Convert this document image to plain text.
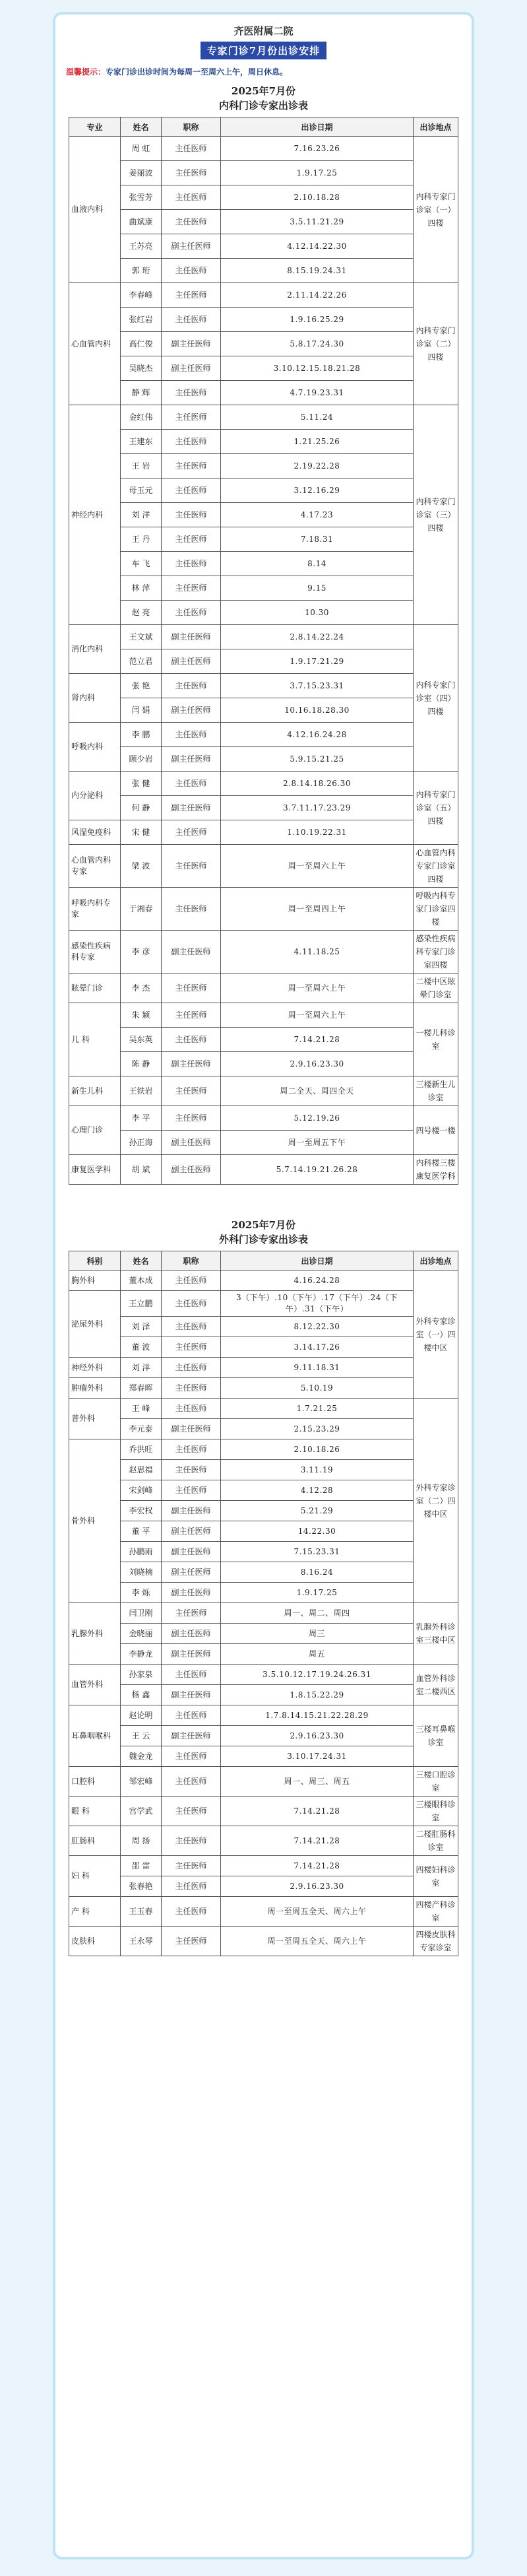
齐医附属二院
专家门诊7月份出诊安排
温馨提示：专家门诊出诊时间为每周一至周六上午，周日休息。
2025年7月份
内科门诊专家出诊表
专业	姓名	职称	出诊日期	出诊地点
血液内科	周 虹	主任医师	7.16.23.26	内科专家门诊室（一）四楼
	姜丽波	主任医师	1.9.17.25	
	张雪芳	主任医师	2.10.18.28	
	曲斌康	主任医师	3.5.11.21.29	
	王苏亮	副主任医师	4.12.14.22.30	
	郭 珩	主任医师	8.15.19.24.31	
心血管内科	李春峰	主任医师	2.11.14.22.26	内科专家门诊室（二）四楼
	张红岩	主任医师	1.9.16.25.29	
	高仁俊	副主任医师	5.8.17.24.30	
	吴晓杰	副主任医师	3.10.12.15.18.21.28	
	静 辉	主任医师	4.7.19.23.31	
神经内科	金红伟	主任医师	5.11.24	内科专家门诊室（三）四楼
	王建东	主任医师	1.21.25.26	
	王 岩	主任医师	2.19.22.28	
	母玉元	主任医师	3.12.16.29	
	刘 洋	主任医师	4.17.23	
	王 丹	主任医师	7.18.31	
	车 飞	主任医师	8.14	
	林 萍	主任医师	9.15	
	赵 亮	主任医师	10.30	
消化内科	王文斌	副主任医师	2.8.14.22.24	内科专家门诊室（四）四楼
	范立君	副主任医师	1.9.17.21.29	
肾内科	张 艳	主任医师	3.7.15.23.31	
	闫 娟	副主任医师	10.16.18.28.30	
呼吸内科	李 鹏	主任医师	4.12.16.24.28	
	顾少岩	副主任医师	5.9.15.21.25	
内分泌科	张 健	主任医师	2.8.14.18.26.30	内科专家门诊室（五）四楼
	何 静	副主任医师	3.7.11.17.23.29	
风湿免疫科	宋 健	主任医师	1.10.19.22.31	
心血管内科专家	梁 波	主任医师	周一至周六上午	心血管内科专家门诊室四楼
呼吸内科专家	于湘春	主任医师	周一至周四上午	呼吸内科专家门诊室四楼
感染性疾病科专家	李 彦	副主任医师	4.11.18.25	感染性疾病科专家门诊室四楼
眩晕门诊	李 杰	主任医师	周一至周六上午	二楼中区眩晕门诊室
儿 科	朱 颖	主任医师	周一至周六上午	一楼儿科诊室
	吴东英	主任医师	7.14.21.28	
	陈 静	副主任医师	2.9.16.23.30	
新生儿科	王铁岩	主任医师	周二全天、周四全天	三楼新生儿诊室
心理门诊	李 平	主任医师	5.12.19.26	四号楼一楼
	孙正海	副主任医师	周一至周五下午	
康复医学科	胡 斌	副主任医师	5.7.14.19.21.26.28	内科楼三楼康复医学科
2025年7月份
外科门诊专家出诊表
科别	姓名	职称	出诊日期	出诊地点
胸外科	董本成	主任医师	4.16.24.28	外科专家诊室（一）四楼中区
泌尿外科	王立鹏	主任医师	3（下午）.10（下午）.17（下午）.24（下午）.31（下午）	
	刘 泽	主任医师	8.12.22.30	
	董 波	主任医师	3.14.17.26	
神经外科	刘 洋	主任医师	9.11.18.31	
肿瘤外科	郑春晖	主任医师	5.10.19	
普外科	王 峰	主任医师	1.7.21.25	外科专家诊室（二）四楼中区
	李元泰	副主任医师	2.15.23.29	
骨外科	乔洪旺	主任医师	2.10.18.26	
	赵思福	主任医师	3.11.19	
	宋剑峰	主任医师	4.12.28	
	李宏权	副主任医师	5.21.29	
	董 平	副主任医师	14.22.30	
	孙鹏雨	副主任医师	7.15.23.31	
	刘晓楠	副主任医师	8.16.24	
	李 烁	副主任医师	1.9.17.25	
乳腺外科	闫卫刚	主任医师	周一、周二、周四	乳腺外科诊室三楼中区
	金晓丽	副主任医师	周三	
	李静龙	副主任医师	周五	
血管外科	孙家泉	主任医师	3.5.10.12.17.19.24.26.31	血管外科诊室二楼西区
	杨 鑫	副主任医师	1.8.15.22.29	
耳鼻咽喉科	赵论明	主任医师	1.7.8.14.15.21.22.28.29	三楼耳鼻喉诊室
	王 云	副主任医师	2.9.16.23.30	
	魏金龙	主任医师	3.10.17.24.31	
口腔科	邹宏峰	主任医师	周一、周三、周五	三楼口腔诊室
眼 科	宫学武	主任医师	7.14.21.28	三楼眼科诊室
肛肠科	周 扬	主任医师	7.14.21.28	二楼肛肠科诊室
妇 科	邵 雷	主任医师	7.14.21.28	四楼妇科诊室
	张春艳	主任医师	2.9.16.23.30	
产 科	王玉春	主任医师	周一至周五全天、周六上午	四楼产科诊室
皮肤科	王永琴	主任医师	周一至周五全天、周六上午	四楼皮肤科专家诊室
